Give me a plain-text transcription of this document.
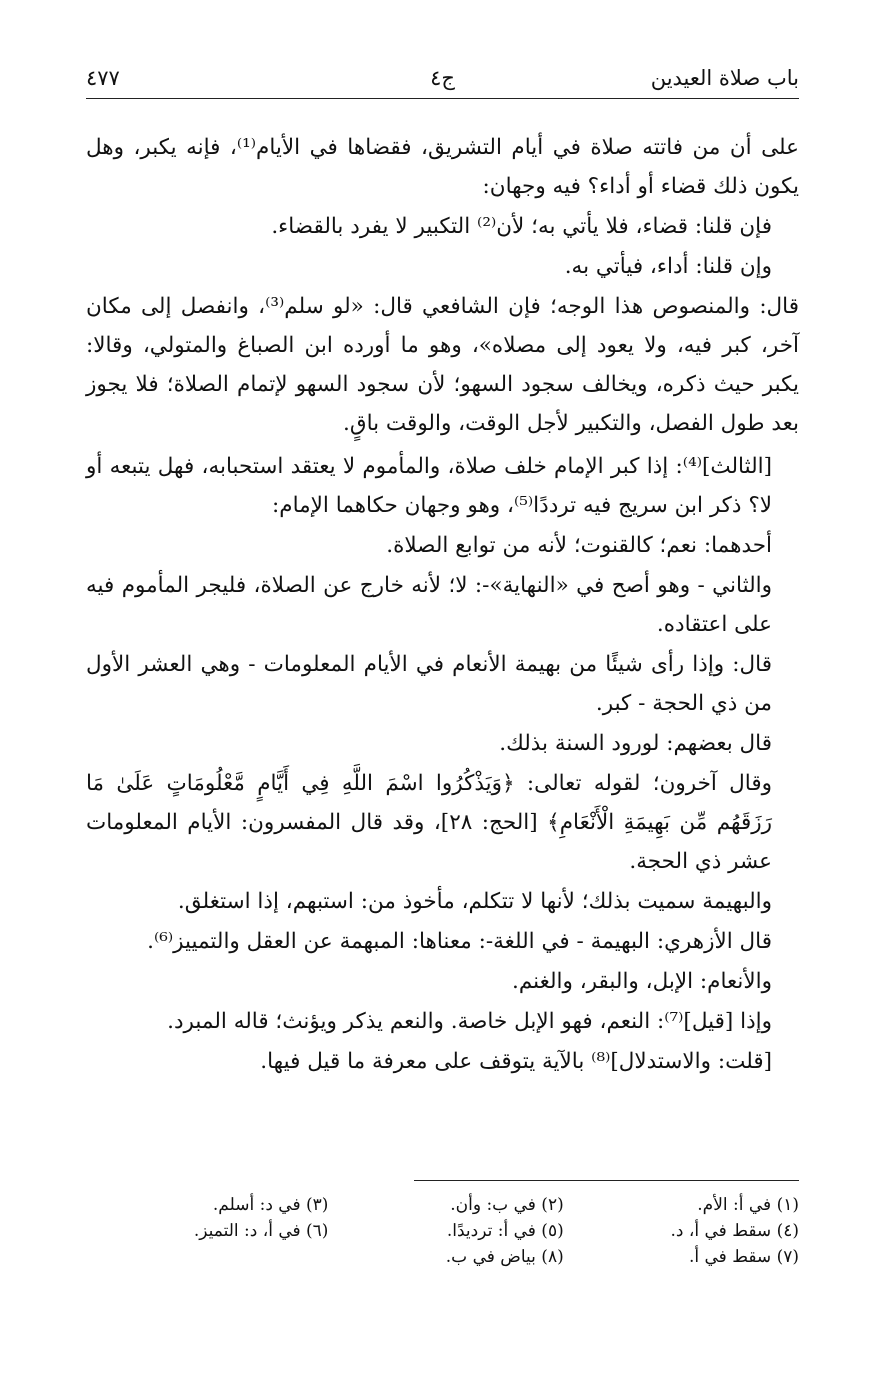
باب صلاة العيدين
ج٤
٤٧٧

على أن من فاتته صلاة في أيام التشريق، فقضاها في الأيام⁽¹⁾، فإنه يكبر، وهل يكون ذلك قضاء أو أداء؟ فيه وجهان:

فإن قلنا: قضاء، فلا يأتي به؛ لأن⁽²⁾ التكبير لا يفرد بالقضاء.

وإن قلنا: أداء، فيأتي به.

قال: والمنصوص هذا الوجه؛ فإن الشافعي قال: «لو سلم⁽³⁾، وانفصل إلى مكان آخر، كبر فيه، ولا يعود إلى مصلاه»، وهو ما أورده ابن الصباغ والمتولي، وقالا: يكبر حيث ذكره، ويخالف سجود السهو؛ لأن سجود السهو لإتمام الصلاة؛ فلا يجوز بعد طول الفصل، والتكبير لأجل الوقت، والوقت باقٍ.

[الثالث]⁽⁴⁾: إذا كبر الإمام خلف صلاة، والمأموم لا يعتقد استحبابه، فهل يتبعه أو لا؟ ذكر ابن سريج فيه ترددًا⁽⁵⁾، وهو وجهان حكاهما الإمام:

أحدهما: نعم؛ كالقنوت؛ لأنه من توابع الصلاة.

والثاني - وهو أصح في «النهاية»-: لا؛ لأنه خارج عن الصلاة، فليجر المأموم فيه على اعتقاده.

قال: وإذا رأى شيئًا من بهيمة الأنعام في الأيام المعلومات - وهي العشر الأول من ذي الحجة - كبر.

قال بعضهم: لورود السنة بذلك.

وقال آخرون؛ لقوله تعالى: ﴿وَيَذْكُرُوا اسْمَ اللَّهِ فِي أَيَّامٍ مَّعْلُومَاتٍ عَلَىٰ مَا رَزَقَهُم مِّن بَهِيمَةِ الْأَنْعَامِ﴾ [الحج: ٢٨]، وقد قال المفسرون: الأيام المعلومات عشر ذي الحجة.

والبهيمة سميت بذلك؛ لأنها لا تتكلم، مأخوذ من: استبهم، إذا استغلق.

قال الأزهري: البهيمة - في اللغة-: معناها: المبهمة عن العقل والتمييز⁽⁶⁾.

والأنعام: الإبل، والبقر، والغنم.

وإذا [قيل]⁽⁷⁾: النعم، فهو الإبل خاصة. والنعم يذكر ويؤنث؛ قاله المبرد.

[قلت: والاستدلال]⁽⁸⁾ بالآية يتوقف على معرفة ما قيل فيها.

(١) في أ: الأم.
(٢) في ب: وأن.
(٣) في د: أسلم.
(٤) سقط في أ، د.
(٥) في أ: ترديدًا.
(٦) في أ، د: التميز.
(٧) سقط في أ.
(٨) بياض في ب.
